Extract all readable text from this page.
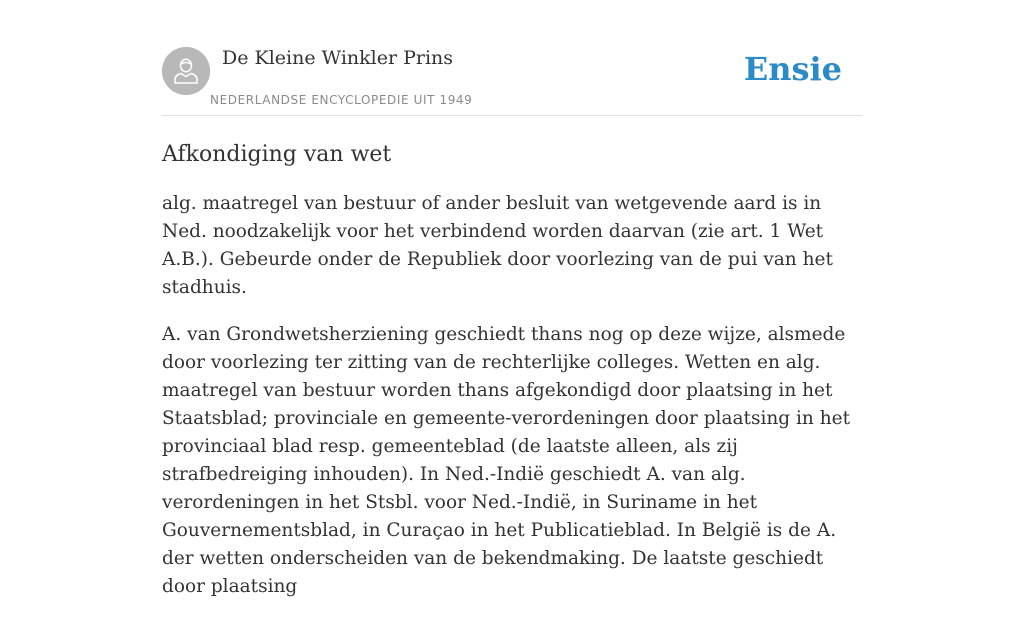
De Kleine Winkler Prins
NEDERLANDSE ENCYCLOPEDIE UIT 1949
Ensie
Afkondiging van wet

alg. maatregel van bestuur of ander besluit van wetgevende aard is in Ned. noodzakelijk voor het verbindend worden daarvan (zie art. 1 Wet A.B.). Gebeurde onder de Republiek door voorlezing van de pui van het stadhuis.

A. van Grondwetsherziening geschiedt thans nog op deze wijze, alsmede door voorlezing ter zitting van de rechterlijke colleges. Wetten en alg. maatregel van bestuur worden thans afgekondigd door plaatsing in het Staatsblad; provinciale en gemeente-verordeningen door plaatsing in het provinciaal blad resp. gemeenteblad (de laatste alleen, als zij strafbedreiging inhouden). In Ned.-Indië geschiedt A. van alg. verordeningen in het Stsbl. voor Ned.-Indië, in Suriname in het Gouvernementsblad, in Curaçao in het Publicatieblad. In België is de A. der wetten onderscheiden van de bekendmaking. De laatste geschiedt door plaatsing
